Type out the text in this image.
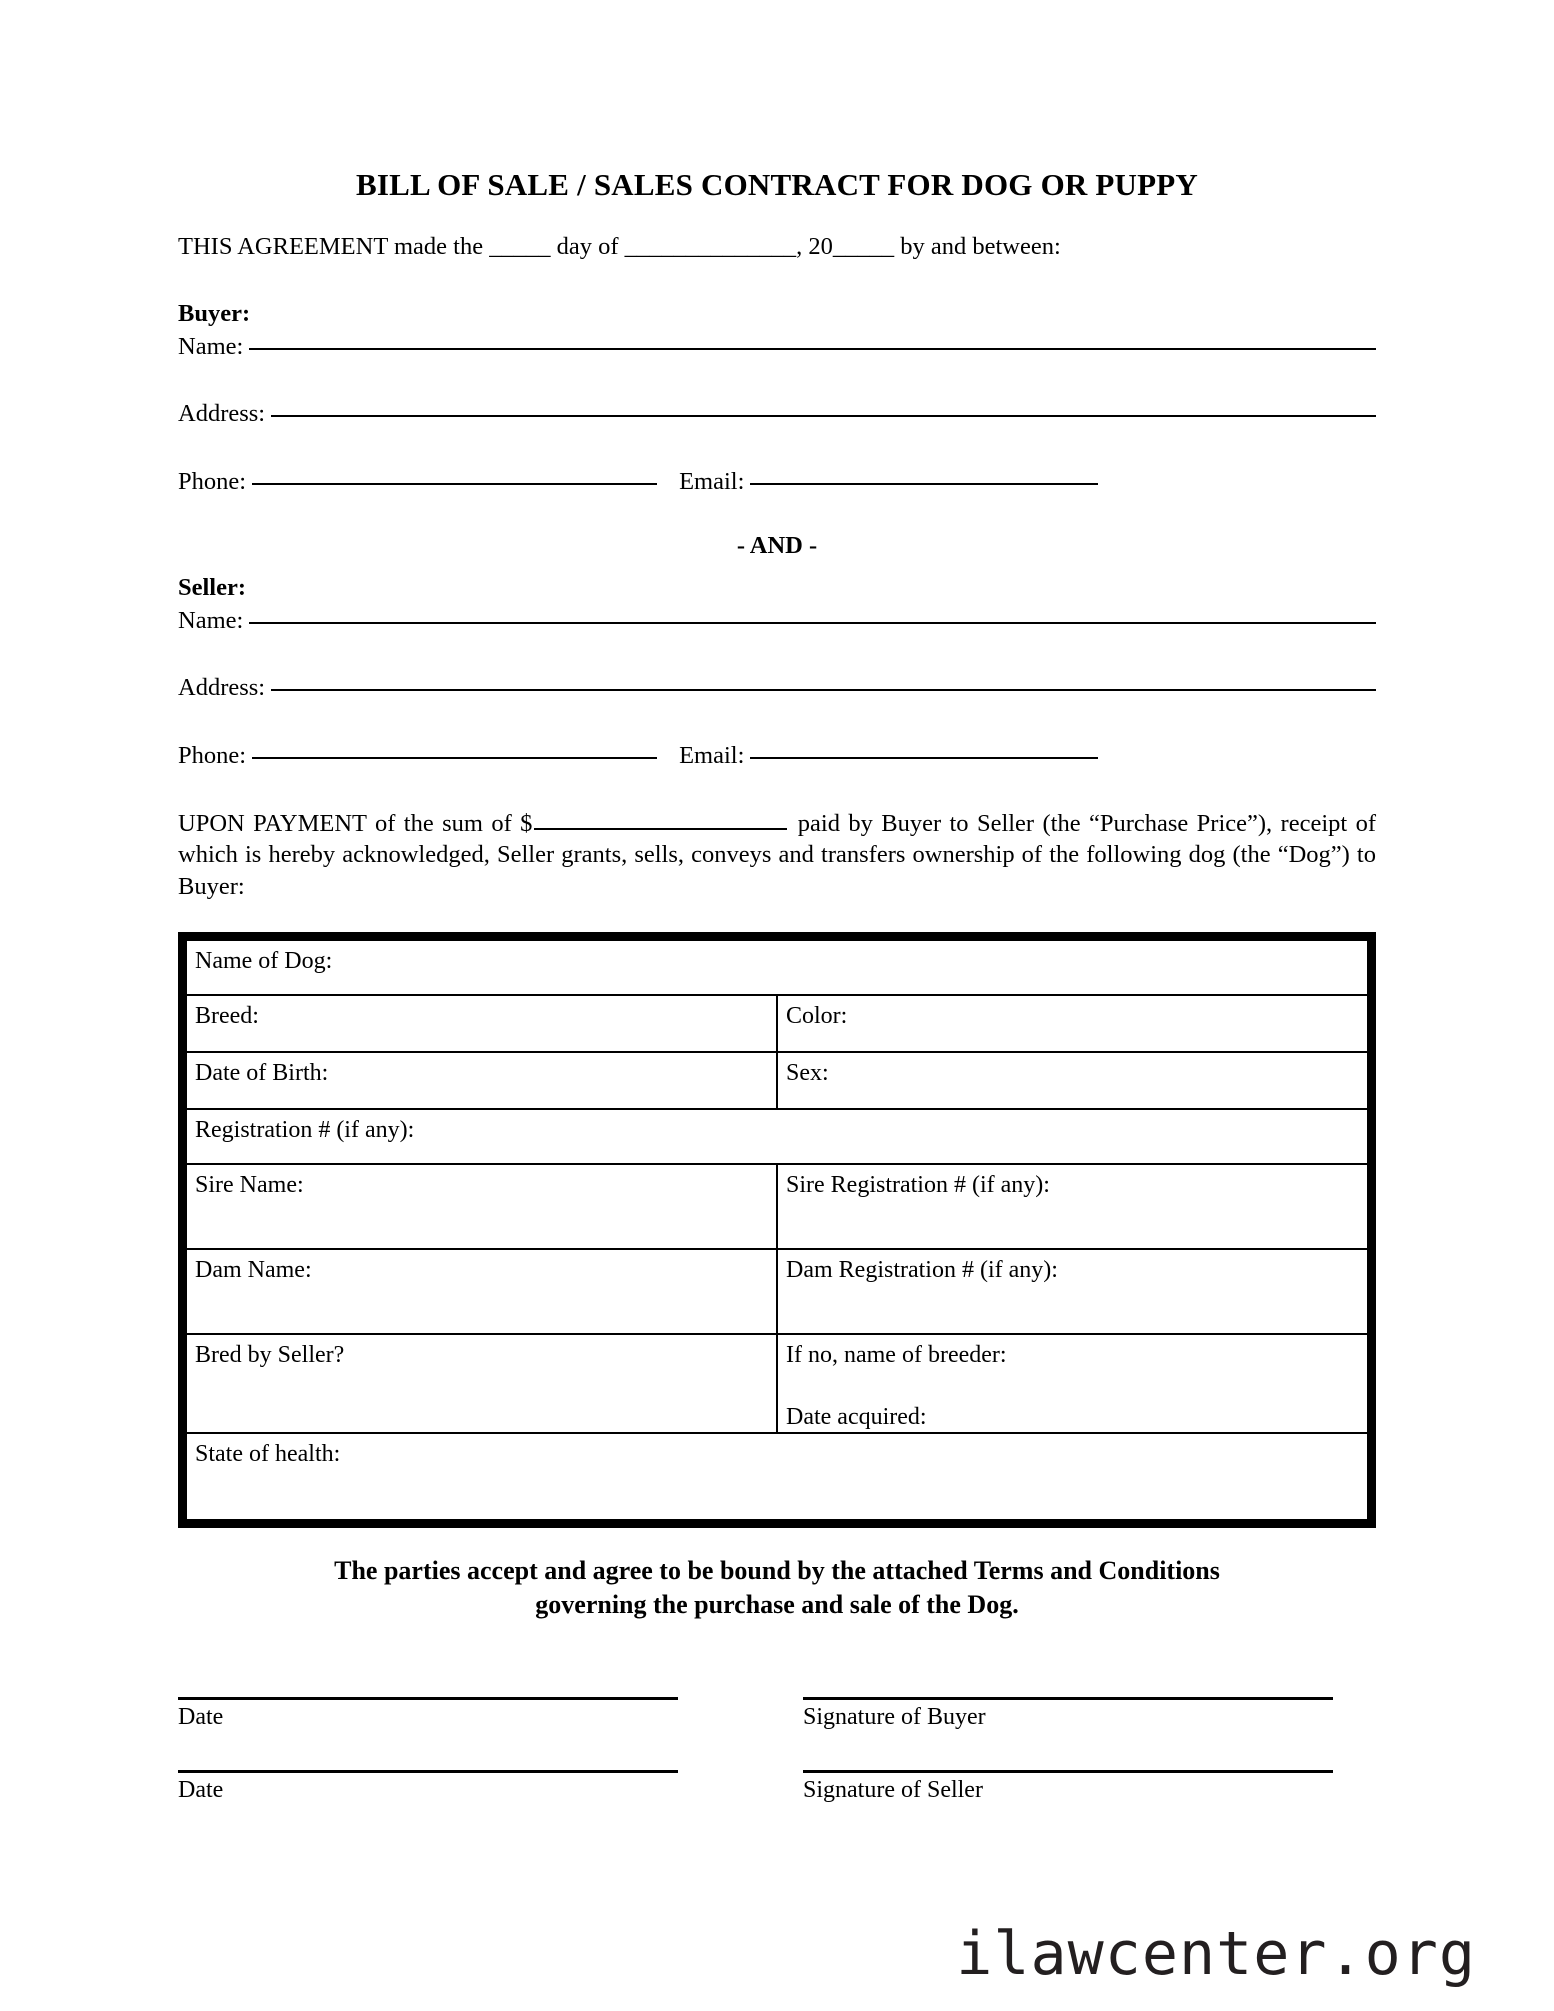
BILL OF SALE / SALES CONTRACT FOR DOG OR PUPPY
THIS AGREEMENT made the _____ day of ______________, 20_____ by and between:
Buyer:
Name:
Address:
Phone:	Email:
- AND -
Seller:
Name:
Address:
Phone:	Email:
UPON PAYMENT of the sum of $	paid by Buyer to Seller (the “Purchase Price”), receipt of which is hereby acknowledged, Seller grants, sells, conveys and transfers ownership of the following dog (the “Dog”) to Buyer:
Name of Dog:	
Breed:	Color:
Date of Birth:	Sex:
Registration # (if any):	
Sire Name:	Sire Registration # (if any):
Dam Name:	Dam Registration # (if any):
Bred by Seller?	If no, name of breeder:
Date acquired:

State of health:	
The parties accept and agree to be bound by the attached Terms and Conditions
governing the purchase and sale of the Dog.
Date	Signature of Buyer
Date	Signature of Seller
ilawcenter.org
